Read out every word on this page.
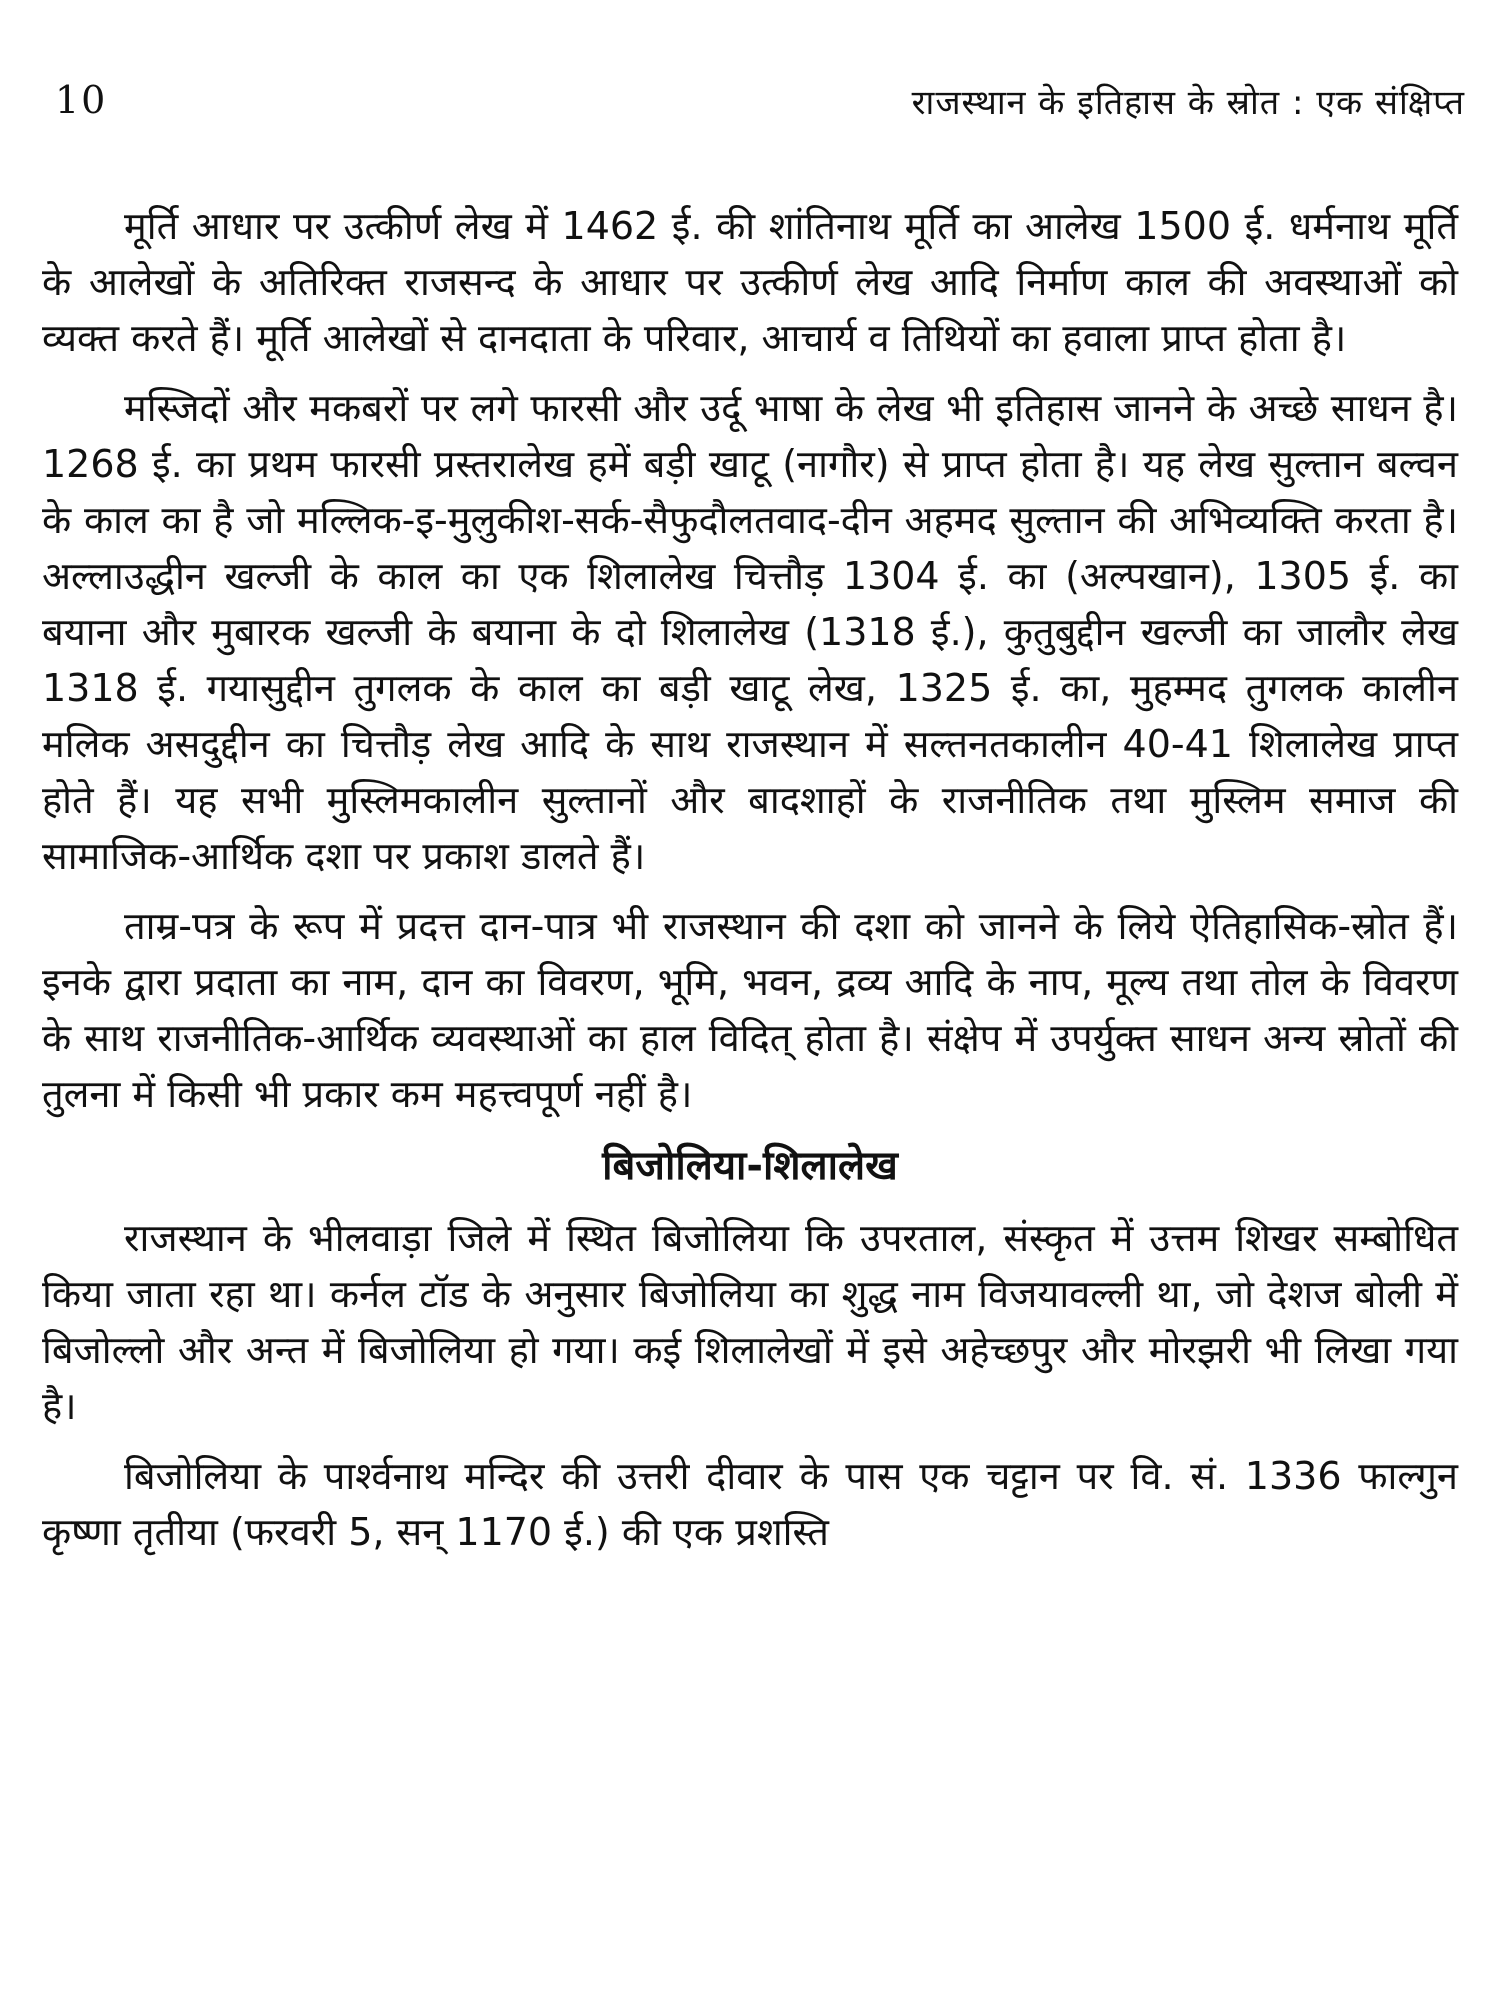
10	राजस्थान के इतिहास के स्रोत : एक संक्षिप्त

मूर्ति आधार पर उत्कीर्ण लेख में 1462 ई. की शांतिनाथ मूर्ति का आलेख 1500 ई. धर्मनाथ मूर्ति के आलेखों के अतिरिक्त राजसन्द के आधार पर उत्कीर्ण लेख आदि निर्माण काल की अवस्थाओं को व्यक्त करते हैं। मूर्ति आलेखों से दानदाता के परिवार, आचार्य व तिथियों का हवाला प्राप्त होता है।

मस्जिदों और मकबरों पर लगे फारसी और उर्दू भाषा के लेख भी इतिहास जानने के अच्छे साधन है। 1268 ई. का प्रथम फारसी प्रस्तरालेख हमें बड़ी खाटू (नागौर) से प्राप्त होता है। यह लेख सुल्तान बल्वन के काल का है जो मल्लिक-इ-मुलुकीश-सर्क-सैफुदौलतवाद-दीन अहमद सुल्तान की अभिव्यक्ति करता है। अल्लाउद्धीन खल्जी के काल का एक शिलालेख चित्तौड़ 1304 ई. का (अल्पखान), 1305 ई. का बयाना और मुबारक खल्जी के बयाना के दो शिलालेख (1318 ई.), कुतुबुद्दीन खल्जी का जालौर लेख 1318 ई. गयासुद्दीन तुगलक के काल का बड़ी खाटू लेख, 1325 ई. का, मुहम्मद तुगलक कालीन मलिक असदुद्दीन का चित्तौड़ लेख आदि के साथ राजस्थान में सल्तनतकालीन 40-41 शिलालेख प्राप्त होते हैं। यह सभी मुस्लिमकालीन सुल्तानों और बादशाहों के राजनीतिक तथा मुस्लिम समाज की सामाजिक-आर्थिक दशा पर प्रकाश डालते हैं।

ताम्र-पत्र के रूप में प्रदत्त दान-पात्र भी राजस्थान की दशा को जानने के लिये ऐतिहासिक-स्रोत हैं। इनके द्वारा प्रदाता का नाम, दान का विवरण, भूमि, भवन, द्रव्य आदि के नाप, मूल्य तथा तोल के विवरण के साथ राजनीतिक-आर्थिक व्यवस्थाओं का हाल विदित् होता है। संक्षेप में उपर्युक्त साधन अन्य स्रोतों की तुलना में किसी भी प्रकार कम महत्त्वपूर्ण नहीं है।

बिजोलिया-शिलालेख

राजस्थान के भीलवाड़ा जिले में स्थित बिजोलिया कि उपरताल, संस्कृत में उत्तम शिखर सम्बोधित किया जाता रहा था। कर्नल टॉड के अनुसार बिजोलिया का शुद्ध नाम विजयावल्ली था, जो देशज बोली में बिजोल्लो और अन्त में बिजोलिया हो गया। कई शिलालेखों में इसे अहेच्छपुर और मोरझरी भी लिखा गया है।

बिजोलिया के पार्श्वनाथ मन्दिर की उत्तरी दीवार के पास एक चट्टान पर वि. सं. 1336 फाल्गुन कृष्णा तृतीया (फरवरी 5, सन् 1170 ई.) की एक प्रशस्ति
